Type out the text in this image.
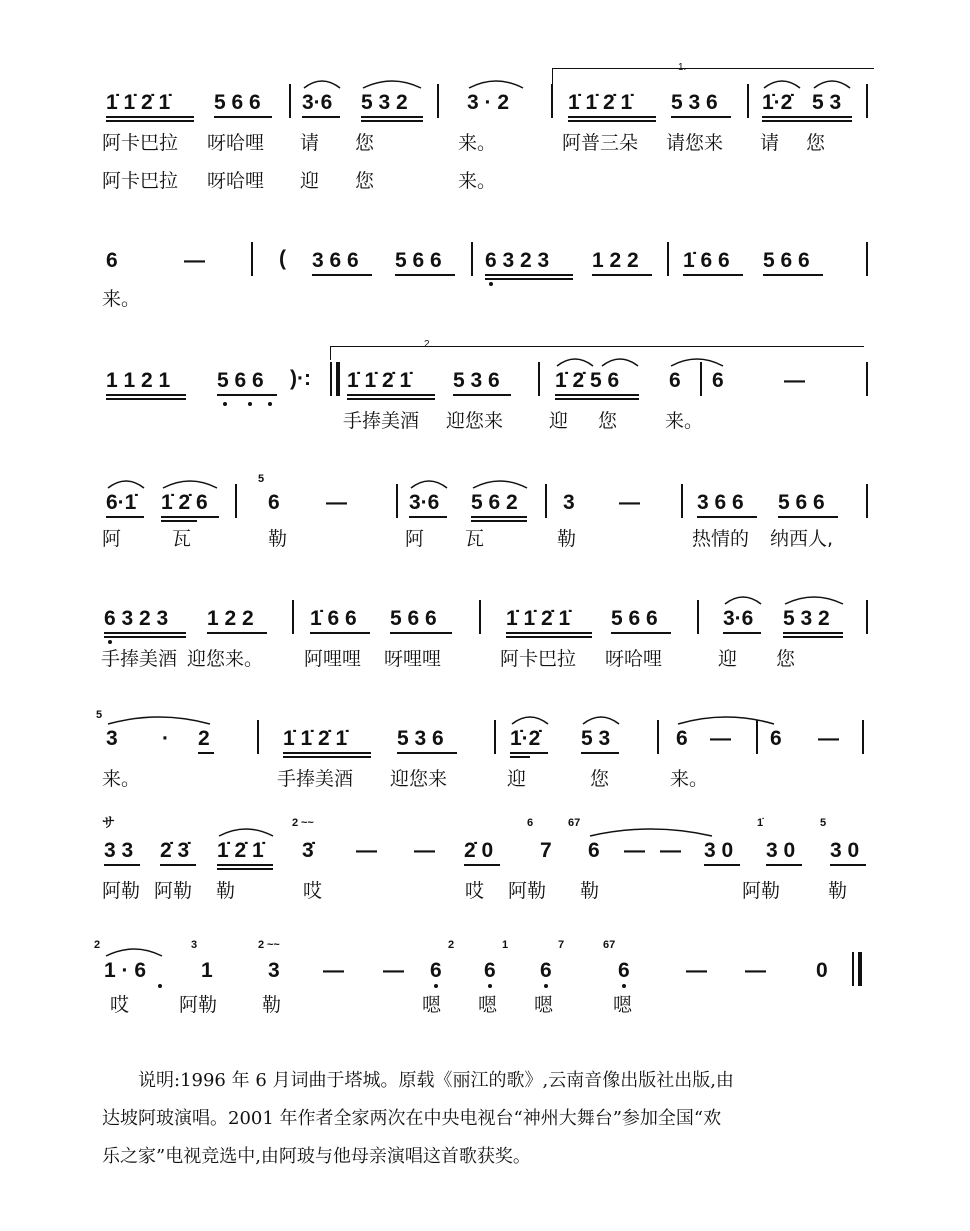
1.
1̇ 1̇ 2̇ 1̇ 5 6 6 3·6 5 3 2	3 · 2	1̇ 1̇ 2̇ 1̇ 5 3 6 1̇·2̇ 5 3
阿卡巴拉 呀哈哩 请 您	来。	阿普三朵 请您来 请 您
阿卡巴拉 呀哈哩 迎 您	来。
6	—	( 3 6 6 5 6 6 6 3 2 3 1 2 2 1̇ 6 6 5 6 6
来。
2.
1 1 2 1 5 6 6 )·: 1̇ 1̇ 2̇ 1̇ 5 3 6	1̇ 2̇ 5 6 6 6	—
手捧美酒 迎您来 迎 您	来。
6·1̇ 1̇ 2̇ 6
5
6 —	3·6 5 6 2 3 —	3 6 6 5 6 6
阿	瓦	勒	阿 瓦	勒	热情的 纳西人,
6 3 2 3 1 2 2	1̇ 6 6 5 6 6	1̇ 1̇ 2̇ 1̇ 5 6 6	3·6 5 3 2
手捧美酒 迎您来。 阿哩哩 呀哩哩	阿卡巴拉 呀哈哩	迎 您
5
3 · 2	1̇ 1̇ 2̇ 1̇ 5 3 6	1̇·2̇ 5 3	6 — 6 —
来。	手捧美酒 迎您来	迎	您	来。
サ
3 3 2̇ 3̇ 1̇ 2̇ 1̇
2 ~~
3̇ — — 2̇ 0
6
7
67
6 — — 3 0
1̇
3 0
5
3 0
阿勒 阿勒 勒	哎	哎 阿勒 勒	阿勒	勒
2
1 · 6
3
1
2 ~~
3 — — 6
2
6
1
6
7	67
6	— — 0
哎	阿勒 勒	嗯 嗯 嗯	嗯

说明:1996 年 6 月词曲于塔城。原载《丽江的歌》,云南音像出版社出版,由

达坡阿玻演唱。2001 年作者全家两次在中央电视台“神州大舞台”参加全国“欢
乐之家”电视竞选中,由阿玻与他母亲演唱这首歌获奖。
